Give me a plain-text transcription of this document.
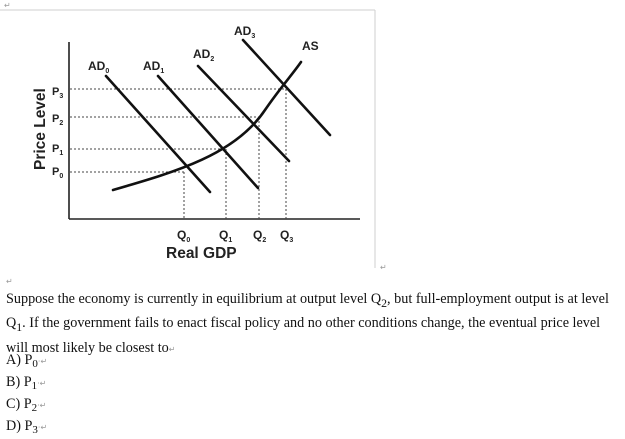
↵
Price Level $P_3$
$P_2$
$P_1$
$P_0$
$Q_0$ $Q_1$ $Q_2$ $Q_3$
Real GDP
$AD_0$	$AD_1$
$AD_2$
$AD_3$
AS
↵
↵

Suppose the economy is currently in equilibrium at output level $Q_2$, but full-employment output is at level $Q_1$. If the government fails to enact fiscal policy and no other conditions change, the eventual price level will most likely be closest to↵

A) $P_0\cdot↵$

B) $P_1\cdot↵$

C) $P_2\cdot↵$

D) $P_3\cdot↵$
